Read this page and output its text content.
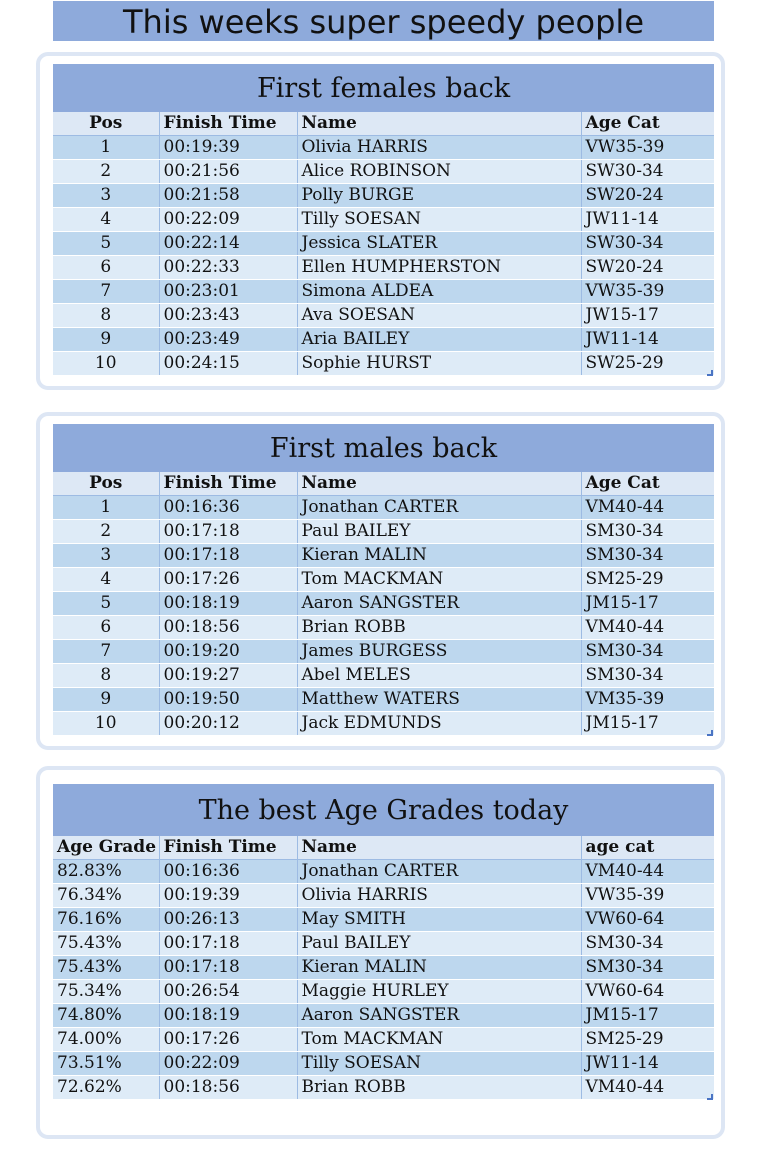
This weeks super speedy people
First females back			
Pos	Finish Time	Name	Age Cat
1	00:19:39	Olivia HARRIS	VW35-39
2	00:21:56	Alice ROBINSON	SW30-34
3	00:21:58	Polly BURGE	SW20-24
4	00:22:09	Tilly SOESAN	JW11-14
5	00:22:14	Jessica SLATER	SW30-34
6	00:22:33	Ellen HUMPHERSTON	SW20-24
7	00:23:01	Simona ALDEA	VW35-39
8	00:23:43	Ava SOESAN	JW15-17
9	00:23:49	Aria BAILEY	JW11-14
10	00:24:15	Sophie HURST	SW25-29
First males back			
Pos	Finish Time	Name	Age Cat
1	00:16:36	Jonathan CARTER	VM40-44
2	00:17:18	Paul BAILEY	SM30-34
3	00:17:18	Kieran MALIN	SM30-34
4	00:17:26	Tom MACKMAN	SM25-29
5	00:18:19	Aaron SANGSTER	JM15-17
6	00:18:56	Brian ROBB	VM40-44
7	00:19:20	James BURGESS	SM30-34
8	00:19:27	Abel MELES	SM30-34
9	00:19:50	Matthew WATERS	VM35-39
10	00:20:12	Jack EDMUNDS	JM15-17
The best Age Grades today			
Age Grade	Finish Time	Name	age cat
82.83%	00:16:36	Jonathan CARTER	VM40-44
76.34%	00:19:39	Olivia HARRIS	VW35-39
76.16%	00:26:13	May SMITH	VW60-64
75.43%	00:17:18	Paul BAILEY	SM30-34
75.43%	00:17:18	Kieran MALIN	SM30-34
75.34%	00:26:54	Maggie HURLEY	VW60-64
74.80%	00:18:19	Aaron SANGSTER	JM15-17
74.00%	00:17:26	Tom MACKMAN	SM25-29
73.51%	00:22:09	Tilly SOESAN	JW11-14
72.62%	00:18:56	Brian ROBB	VM40-44
